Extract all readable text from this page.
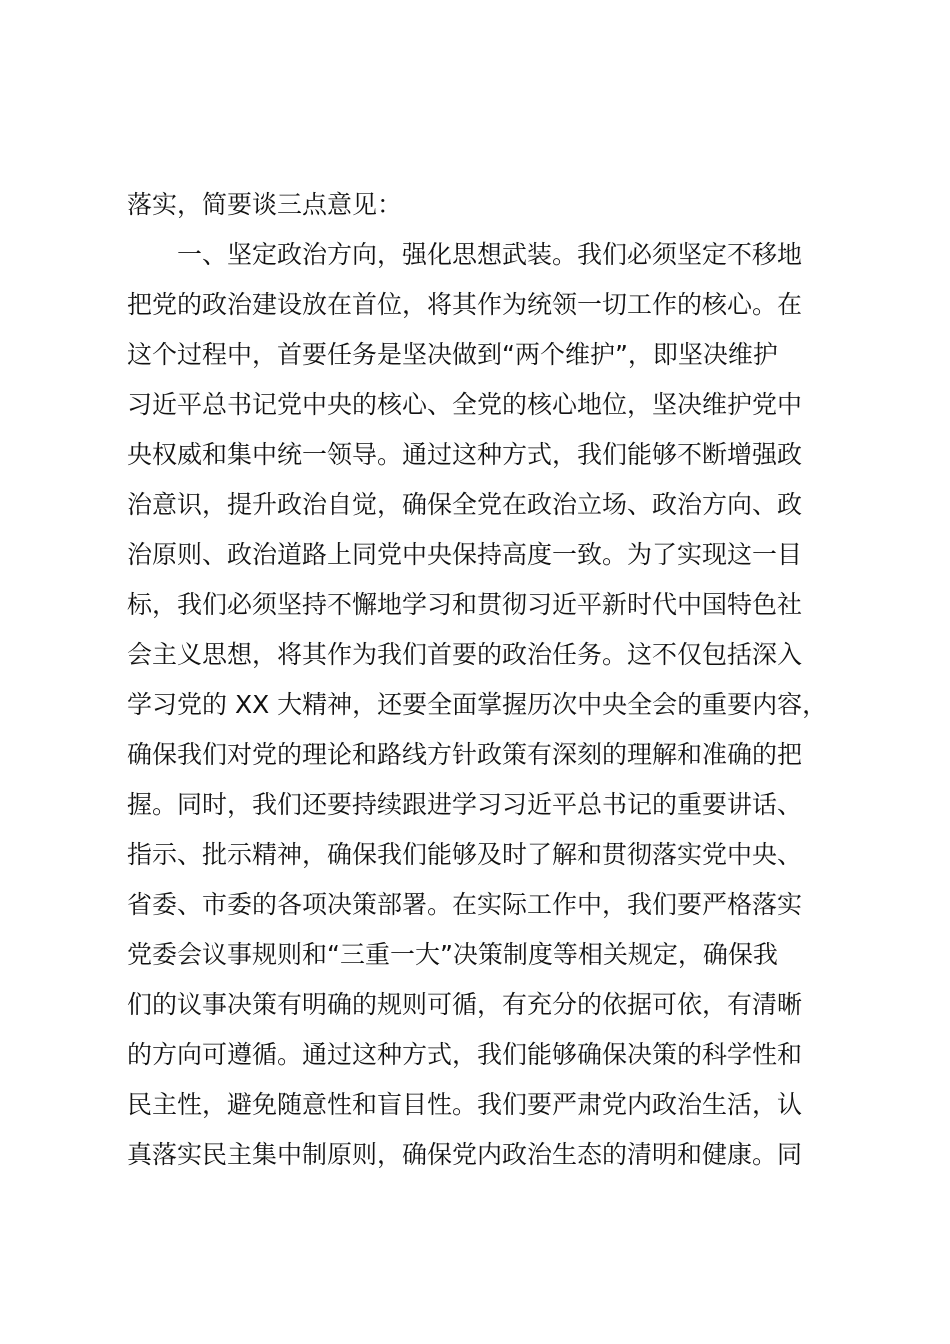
落实，简要谈三点意见：
　　一、坚定政治方向，强化思想武装。我们必须坚定不移地
把党的政治建设放在首位，将其作为统领一切工作的核心。在
这个过程中，首要任务是坚决做到“两个维护”，即坚决维护
习近平总书记党中央的核心、全党的核心地位，坚决维护党中
央权威和集中统一领导。通过这种方式，我们能够不断增强政
治意识，提升政治自觉，确保全党在政治立场、政治方向、政
治原则、政治道路上同党中央保持高度一致。为了实现这一目
标，我们必须坚持不懈地学习和贯彻习近平新时代中国特色社
会主义思想，将其作为我们首要的政治任务。这不仅包括深入
学习党的 XX 大精神，还要全面掌握历次中央全会的重要内容，
确保我们对党的理论和路线方针政策有深刻的理解和准确的把
握。同时，我们还要持续跟进学习习近平总书记的重要讲话、
指示、批示精神，确保我们能够及时了解和贯彻落实党中央、
省委、市委的各项决策部署。在实际工作中，我们要严格落实
党委会议事规则和“三重一大”决策制度等相关规定，确保我
们的议事决策有明确的规则可循，有充分的依据可依，有清晰
的方向可遵循。通过这种方式，我们能够确保决策的科学性和
民主性，避免随意性和盲目性。我们要严肃党内政治生活，认
真落实民主集中制原则，确保党内政治生态的清明和健康。同
